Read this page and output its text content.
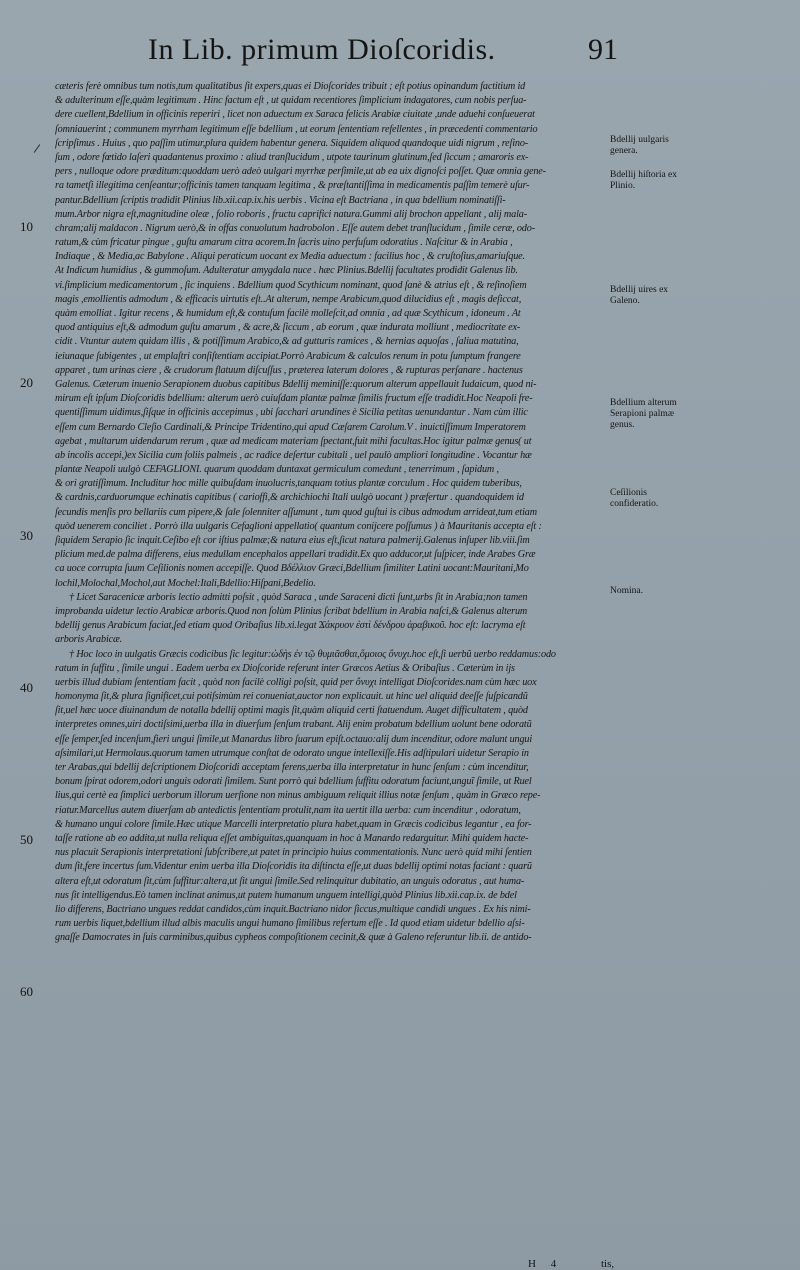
In Lib. primum Dioſcoridis.	91
10
20
30
40
50
60
cæteris ferè omnibus tum notis,tum qualitatibus ſit expers,quas ei Dioſcorides tribuit ; eſt potius opinandum factitium id
& adulterinum eſſe,quàm legitimum . Hinc factum eſt , ut quidam recentiores ſimplicium indagatores, cum nobis perſua-
dere cuellent,Bdellium in officinis reperiri , licet non aduectum ex Saraca felicis Arabiæ ciuitate ,unde aduehi conſueuerat
ſomniauerint ; communem myrrham legitimum eſſe bdellium , ut eorum ſententiam refellentes , in præcedenti commentario
ſcripſimus . Huius , quo paſſim utimur,plura quidem habentur genera. Siquidem aliquod quandoque uidi nigrum , reſino-
ſum , odore fœtido laſeri quadantenus proximo : aliud tranſlucidum , utpote taurinum glutinum,ſed ſiccum ; amaroris ex-
pers , nulloque odore præditum:quoddam uerò adeò uulgari myrrhæ perſimile,ut ab ea uix dignoſci poſſet. Quæ omnia gene-
ra tametſi illegitima cenſeantur;officinis tamen tanquam legitima , & præſtantiſſima in medicamentis paſſim temerè uſur-
pantur.Bdellium ſcriptis tradidit Plinius lib.xii.cap.ix.his uerbis . Vicina eſt Bactriana , in qua bdellium nominatiſſi-
mum.Arbor nigra eſt,magnitudine oleæ , folio roboris , fructu caprifici natura.Gummi alij brochon appellant , alij mala-
chram;alij maldacon . Nigrum uerò,& in offas conuolutum hadrobolon . Eſſe autem debet tranſlucidum , ſimile ceræ, odo-
ratum,& cùm fricatur pingue , guſtu amarum citra acorem.In ſacris uino perfuſum odoratius . Naſcitur & in Arabia ,
Indiaque , & Media,ac Babylone . Aliqui peraticum uocant ex Media aduectum : facilius hoc , & cruſtoſius,amariuſque.
At Indicum humidius , & gummoſum. Adulteratur amygdala nuce . hæc Plinius.Bdellij facultates prodidit Galenus lib.
vi.ſimplicium medicamentorum , ſic inquiens . Bdellium quod Scythicum nominant, quod ſanè & atrius eſt , & reſinoſiem
magis ,emollientis admodum , & efficacis uirtutis eſt..At alterum, nempe Arabicum,quod dilucidius eſt , magis deſiccat,
quàm emolliat . Igitur recens , & humidum eſt,& contuſum facilè molleſcit,ad omnia , ad quæ Scythicum , idoneum . At
quod antiquius eſt,& admodum guſtu amarum , & acre,& ſiccum , ab eorum , quæ indurata molliunt , mediocritate ex-
cidit . Vtuntur autem quidam illis , & potiſſimum Arabico,& ad gutturis ramices , & hernias aquoſas , ſaliua matutina,
ieiunaque ſubigentes , ut emplaſtri conſiſtentiam accipiat.Porrò Arabicum & calculos renum in potu ſumptum frangere
apparet , tum urinas ciere , & crudorum flatuum diſcuſſus , præterea laterum dolores , & rupturas perſanare . hactenus
Galenus. Cæterum inuenio Serapionem duobus capitibus Bdellij meminiſſe:quorum alterum appellauit Iudaicum, quod ni-
mirum eſt ipſum Dioſcoridis bdellium: alterum uerò cuiuſdam plantæ palmæ ſimilis fructum eſſe tradidit.Hoc Neapoli fre-
quentiſſimum uidimus,ſiſque in officinis accepimus , ubi ſacchari arundines è Sicilia petitas uenundantur . Nam cùm illic
eſſem cum Bernardo Cleſio Cardinali,& Principe Tridentino,qui apud Cæſarem Carolum.V . inuictiſſimum Imperatorem
agebat , multarum uidendarum rerum , quæ ad medicam materiam ſpectant,fuit mihi facultas.Hoc igitur palmæ genus( ut
ab incolis accepi,)ex Sicilia cum foliis palmeis , ac radice deſertur cubitali , uel paulò ampliori longitudine . Vocantur hæ
plantæ Neapoli uulgò CEFAGLIONI. quarum quoddam duntaxat germiculum comedunt , tenerrimum , ſapidum ,
& ori gratiſſimum. Includitur hoc mille quibuſdam inuolucris,tanquam totius plantæ corculum . Hoc quidem tuberibus,
& cardnis,carduorumque echinatis capitibus ( carioffi,& archichiochi Itali uulgò uocant ) præfertur . quandoquidem id
ſecundis menſis pro bellariis cum pipere,& ſale ſolenniter aſſumunt , tum quod guſtui is cibus admodum arrideat,tum etiam
quòd uenerem conciliet . Porrò illa uulgaris Cefaglioni appellatio( quantum conijcere poſſumus ) à Mauritanis accepta eſt :
ſiquidem Serapio ſic inquit.Ceſibo eſt cor iſtius palmæ;& natura eius eſt,ſicut natura palmerij.Galenus inſuper lib.viii.ſim
plicium med.de palma differens, eius medullam encephalos appellari tradidit.Ex quo adducor,ut ſuſpicer, inde Arabes Græ
ca uoce corrupta ſuum Ceſilionis nomen accepiſſe. Quod Bδέλλιον Græci,Bdellium ſimiliter Latini uocant:Mauritani,Mo
lochil,Molochal,Mochol,aut Mochel:Itali,Bdellio:Hiſpani,Bedelio.
† Licet Saracenicæ arboris lectio admitti poſsit , quòd Saraca , unde Saraceni dicti ſunt,urbs ſit in Arabia;non tamen
improbanda uidetur lectio Arabicæ arboris.Quod non ſolùm Plinius ſcribat bdellium in Arabia naſci,& Galenus alterum
bdellij genus Arabicum faciat,ſed etiam quod Oribaſius lib.xi.legat Ϫάκρυον ἐστὶ δένδρου ἀραβικοῦ. hoc eſt: lacryma eſt
arboris Arabicæ.
† Hoc loco in uulgatis Græcis codicibus ſic legitur:ὠδὴs ἐν τῷ θυμιᾶσθαι,ὅμοιος ὄνυχι.hoc eſt,ſi uerbũ uerbo reddamus:odo
ratum in ſuffitu , ſimile ungui . Eadem uerba ex Dioſcoride referunt inter Græcos Aetius & Oribaſius . Cæterùm in ijs
uerbis illud dubiam ſententiam facit , quòd non facilè colligi poſsit, quid per ὄνυχι intelligat Dioſcorides.nam cùm hæc uox
homonyma ſit,& plura ſignificet,cui potiſsimùm rei conueniat,auctor non explicauit. ut hinc uel aliquid deeſſe ſuſpicandũ
ſit,uel hæc uoce diuinandum de notalla bdellij optimi magis ſit,quàm aliquid certi ſtatuendum. Auget difficultatem , quòd
interpretes omnes,uiri doctiſsimi,uerba illa in diuerſum ſenſum trabant. Alij enim probatum bdellium uolunt bene odoratũ
eſſe ſemper,ſed incenſum,fieri ungui ſimile,ut Manardus libro ſuarum epiſt.octauo:alij dum incenditur, odore malunt ungui
aſsimilari,ut Hermolaus.quorum tamen utrumque conſtat de odorato ungue intellexiſſe.His adſtipulari uidetur Serapio in
ter Arabas,qui bdellij deſcriptionem Dioſcoridi acceptam ferens,uerba illa interpretatur in hunc ſenſum : cùm incenditur,
bonum ſpirat odorem,odori unguis odorati ſimilem. Sunt porrò qui bdellium ſuffitu odoratum faciunt,unguĩ ſimile, ut Ruel
lius,qui certè ea ſimplici uerborum illorum uerſione non minus ambiguum reliquit illius notæ ſenſum , quàm in Græco repe-
riatur.Marcellus autem diuerſam ab antedictis ſententiam protulit,nam ita uertit illa uerba: cum incenditur , odoratum,
& humano ungui colore ſimile.Hæc utique Marcelli interpretatio plura habet,quam in Græcis codicibus legantur , ea for-
taſſe ratione ab eo addita,ut nulla reliqua eſſet ambiguitas,quanquam in hoc à Manardo redarguitur. Mihi quidem hacte-
nus placuit Serapionis interpretationi ſubſcribere,ut patet in principio huius commentationis. Nunc uerò quid mihi ſentien
dum ſit,fere incertus ſum.Videntur enim uerba illa Dioſcoridis ita diſtincta eſſe,ut duas bdellij optimi notas faciant : quarũ
altera eſt,ut odoratum ſit,cùm ſuffitur:altera,ut ſit ungui ſimile.Sed relinquitur dubitatio, an unguis odoratus , aut huma-
nus ſit intelligendus.Eò tamen inclinat animus,ut putem humanum unguem intelligi,quòd Plinius lib.xii.cap.ix. de bdel
lio differens, Bactriano ungues reddat candidos,cùm inquit.Bactriano nidor ſiccus,multique candidi ungues . Ex his nimi-
rum uerbis liquet,bdellium illud albis maculis ungui humano ſimilibus refertum eſſe . Id quod etiam uidetur bdellio aſsi-
gnaſſe Damocrates in ſuis carminibus,quibus cypheos compoſitionem cecinit,& quæ à Galeno referuntur lib.ii. de antido-
Bdellij uulgaris genera.
Bdellij hiſtoria ex Plinio.
Bdellij uires ex Galeno.
Bdellium alterum Serapioni palmæ genus.
Ceſilionis confideratio.
Nomina.
H 4	tis,
